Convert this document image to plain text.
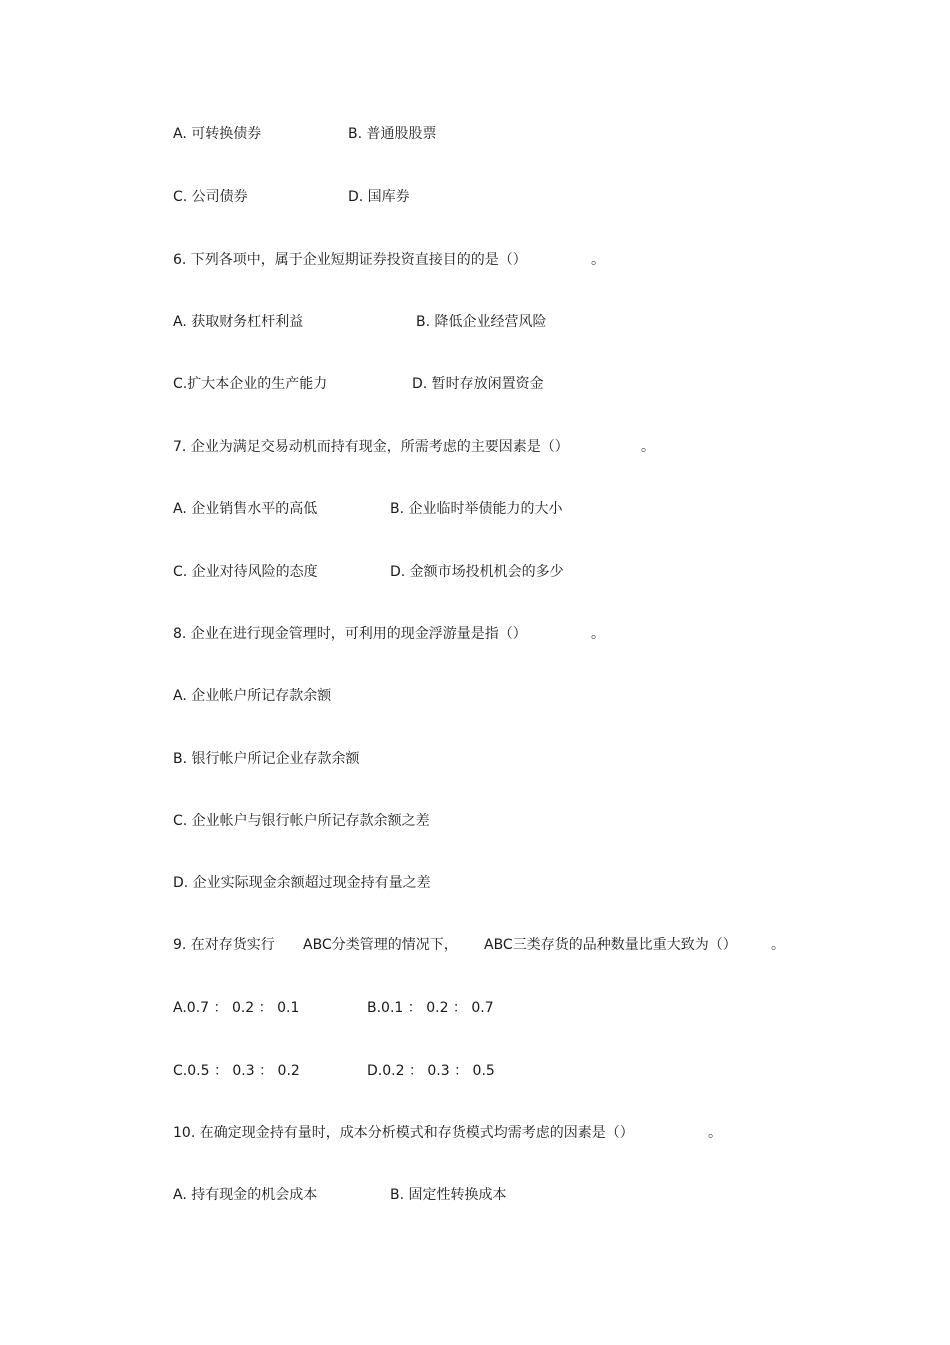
A. 可转换债券	B. 普通股股票
C. 公司债券	D. 国库券
6. 下列各项中，属于企业短期证券投资直接目的的是（）	。
A. 获取财务杠杆利益	B. 降低企业经营风险
C.扩大本企业的生产能力	D. 暂时存放闲置资金
7. 企业为满足交易动机而持有现金，所需考虑的主要因素是（）	。
A. 企业销售水平的高低	B. 企业临时举债能力的大小
C. 企业对待风险的态度	D. 金额市场投机机会的多少
8. 企业在进行现金管理时，可利用的现金浮游量是指（）	。
A. 企业帐户所记存款余额
B. 银行帐户所记企业存款余额
C. 企业帐户与银行帐户所记存款余额之差
D. 企业实际现金余额超过现金持有量之差
9. 在对存货实行 ABC分类管理的情况下， ABC三类存货的品种数量比重大致为（） 。
A.0.7 ： 0.2 ： 0.1	B.0.1 ： 0.2 ： 0.7
C.0.5 ： 0.3 ： 0.2	D.0.2 ： 0.3 ： 0.5
10. 在确定现金持有量时，成本分析模式和存货模式均需考虑的因素是（）	。
A. 持有现金的机会成本	B. 固定性转换成本
